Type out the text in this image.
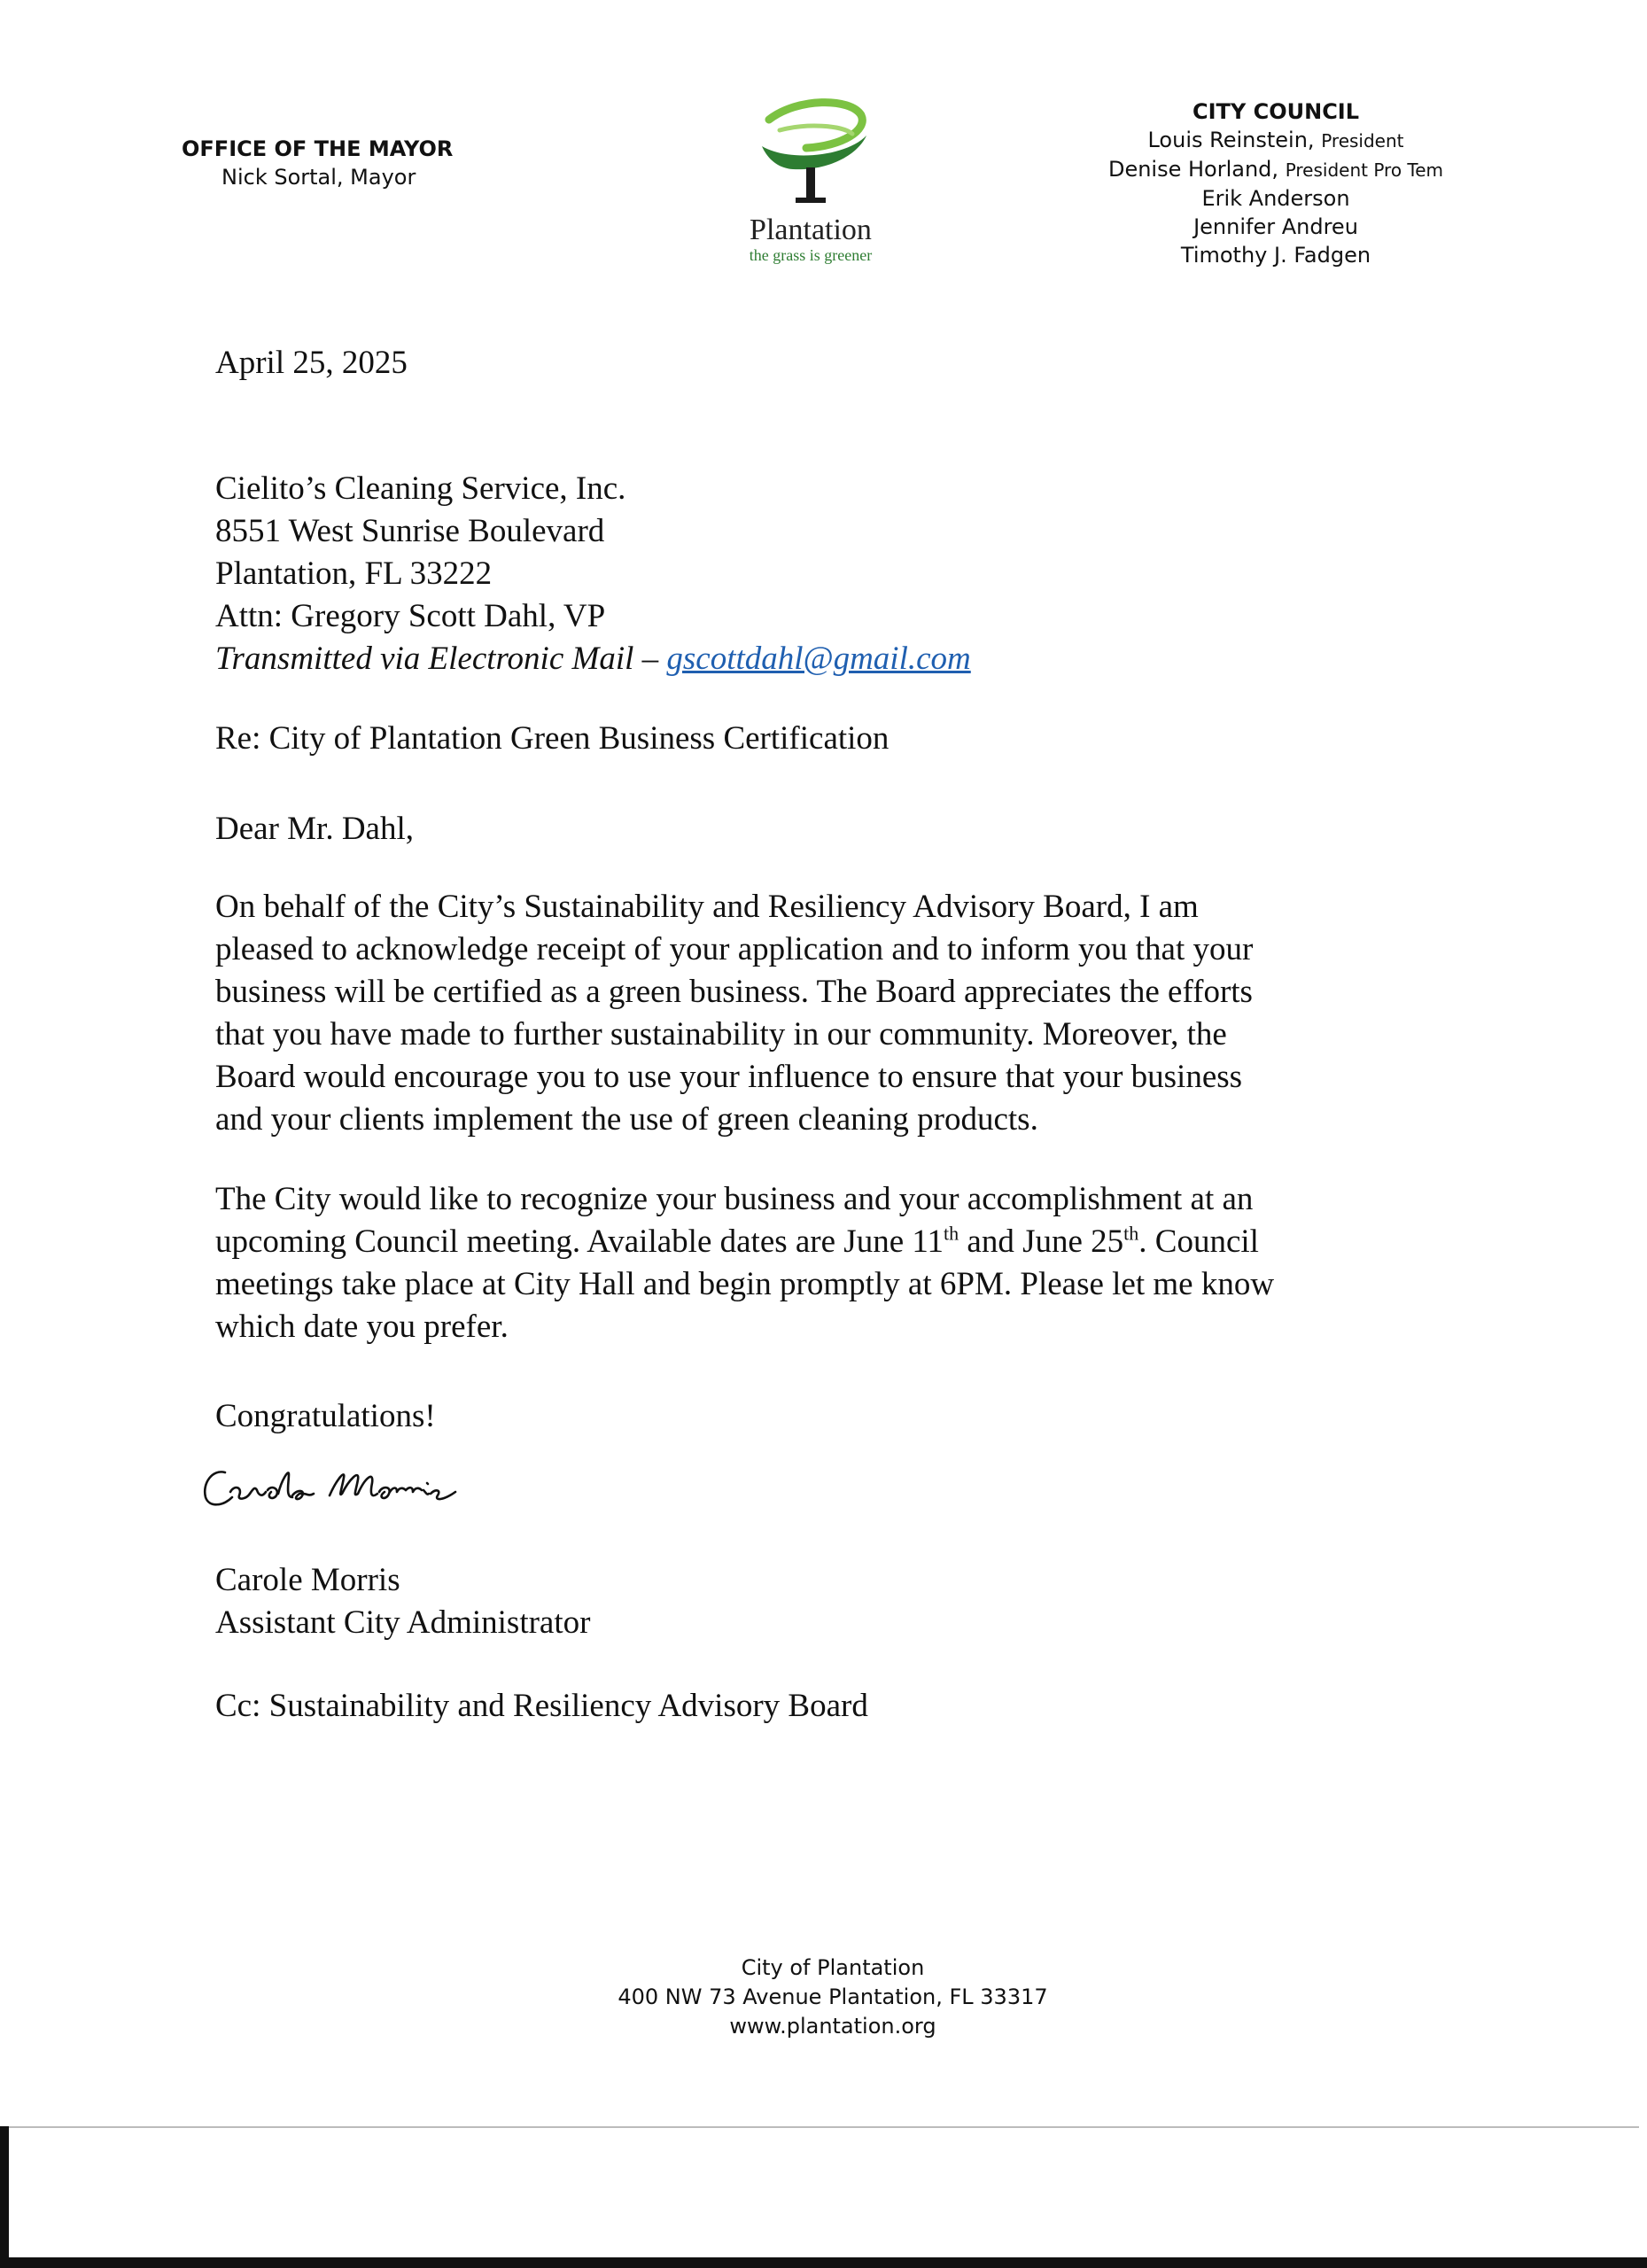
OFFICE OF THE MAYOR
Nick Sortal, Mayor
Plantation
the grass is greener
CITY COUNCIL
Louis Reinstein, President
Denise Horland, President Pro Tem
Erik Anderson
Jennifer Andreu
Timothy J. Fadgen
April 25, 2025
Cielito’s Cleaning Service, Inc.
8551 West Sunrise Boulevard
Plantation, FL 33222
Attn: Gregory Scott Dahl, VP
Transmitted via Electronic Mail – gscottdahl@gmail.com
Re: City of Plantation Green Business Certification
Dear Mr. Dahl,
On behalf of the City’s Sustainability and Resiliency Advisory Board, I am
pleased to acknowledge receipt of your application and to inform you that your
business will be certified as a green business. The Board appreciates the efforts
that you have made to further sustainability in our community. Moreover, the
Board would encourage you to use your influence to ensure that your business
and your clients implement the use of green cleaning products.
The City would like to recognize your business and your accomplishment at an
upcoming Council meeting. Available dates are June 11th and June 25th. Council
meetings take place at City Hall and begin promptly at 6PM. Please let me know
which date you prefer.
Congratulations!
Carole Morris
Assistant City Administrator
Cc: Sustainability and Resiliency Advisory Board
City of Plantation
400 NW 73 Avenue Plantation, FL 33317
www.plantation.org
